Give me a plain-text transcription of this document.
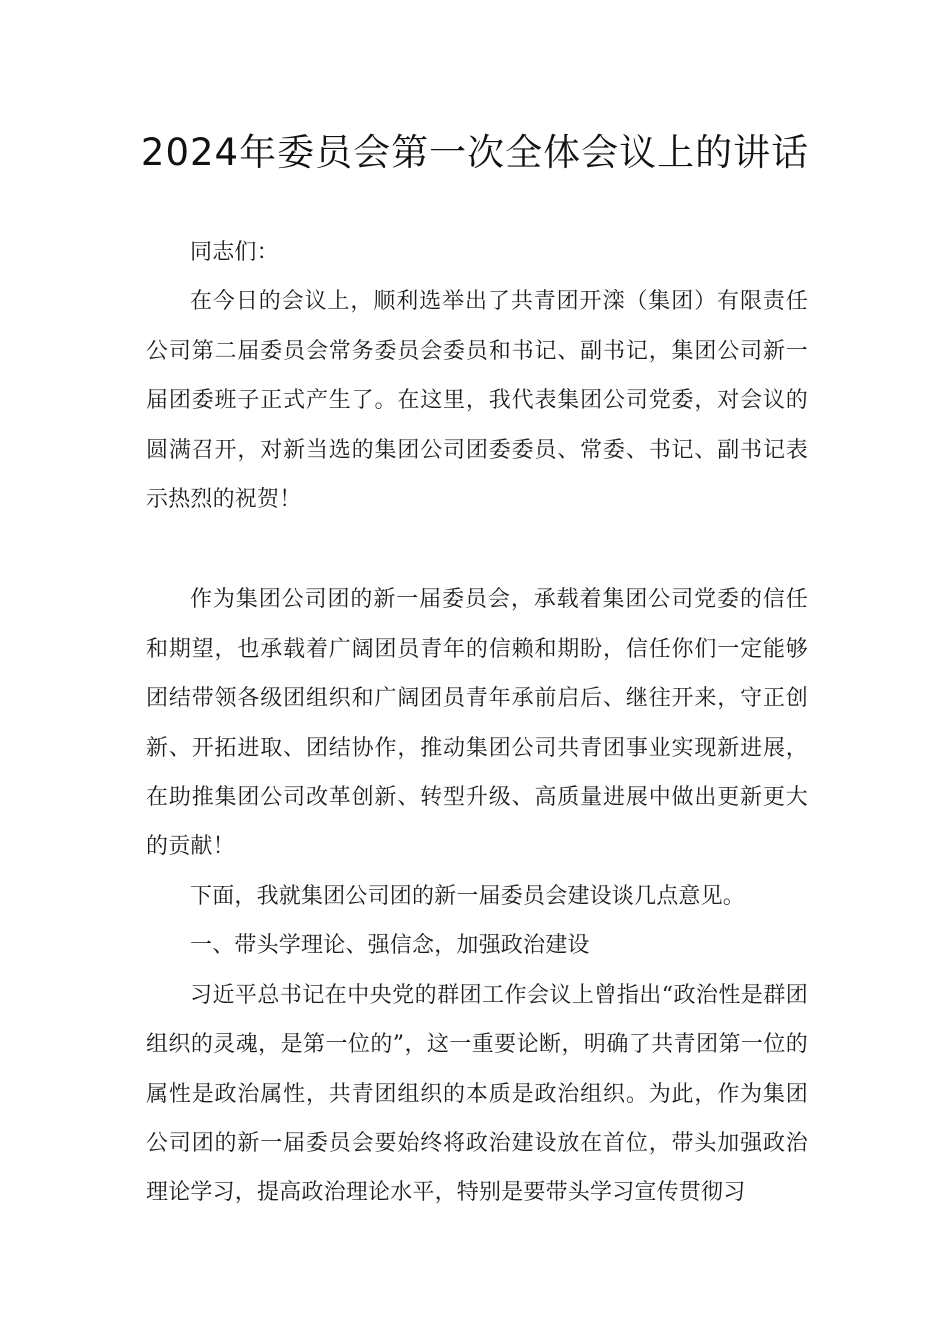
2024年委员会第一次全体会议上的讲话

同志们：

在今日的会议上，顺利选举出了共青团开滦（集团）有限责任公司第二届委员会常务委员会委员和书记、副书记，集团公司新一届团委班子正式产生了。在这里，我代表集团公司党委，对会议的圆满召开，对新当选的集团公司团委委员、常委、书记、副书记表示热烈的祝贺！

作为集团公司团的新一届委员会，承载着集团公司党委的信任和期望，也承载着广阔团员青年的信赖和期盼，信任你们一定能够团结带领各级团组织和广阔团员青年承前启后、继往开来，守正创新、开拓进取、团结协作，推动集团公司共青团事业实现新进展，在助推集团公司改革创新、转型升级、高质量进展中做出更新更大的贡献！

下面，我就集团公司团的新一届委员会建设谈几点意见。

一、带头学理论、强信念，加强政治建设

习近平总书记在中央党的群团工作会议上曾指出“政治性是群团组织的灵魂，是第一位的”，这一重要论断，明确了共青团第一位的属性是政治属性，共青团组织的本质是政治组织。为此，作为集团公司团的新一届委员会要始终将政治建设放在首位，带头加强政治理论学习，提高政治理论水平，特别是要带头学习宣传贯彻习
